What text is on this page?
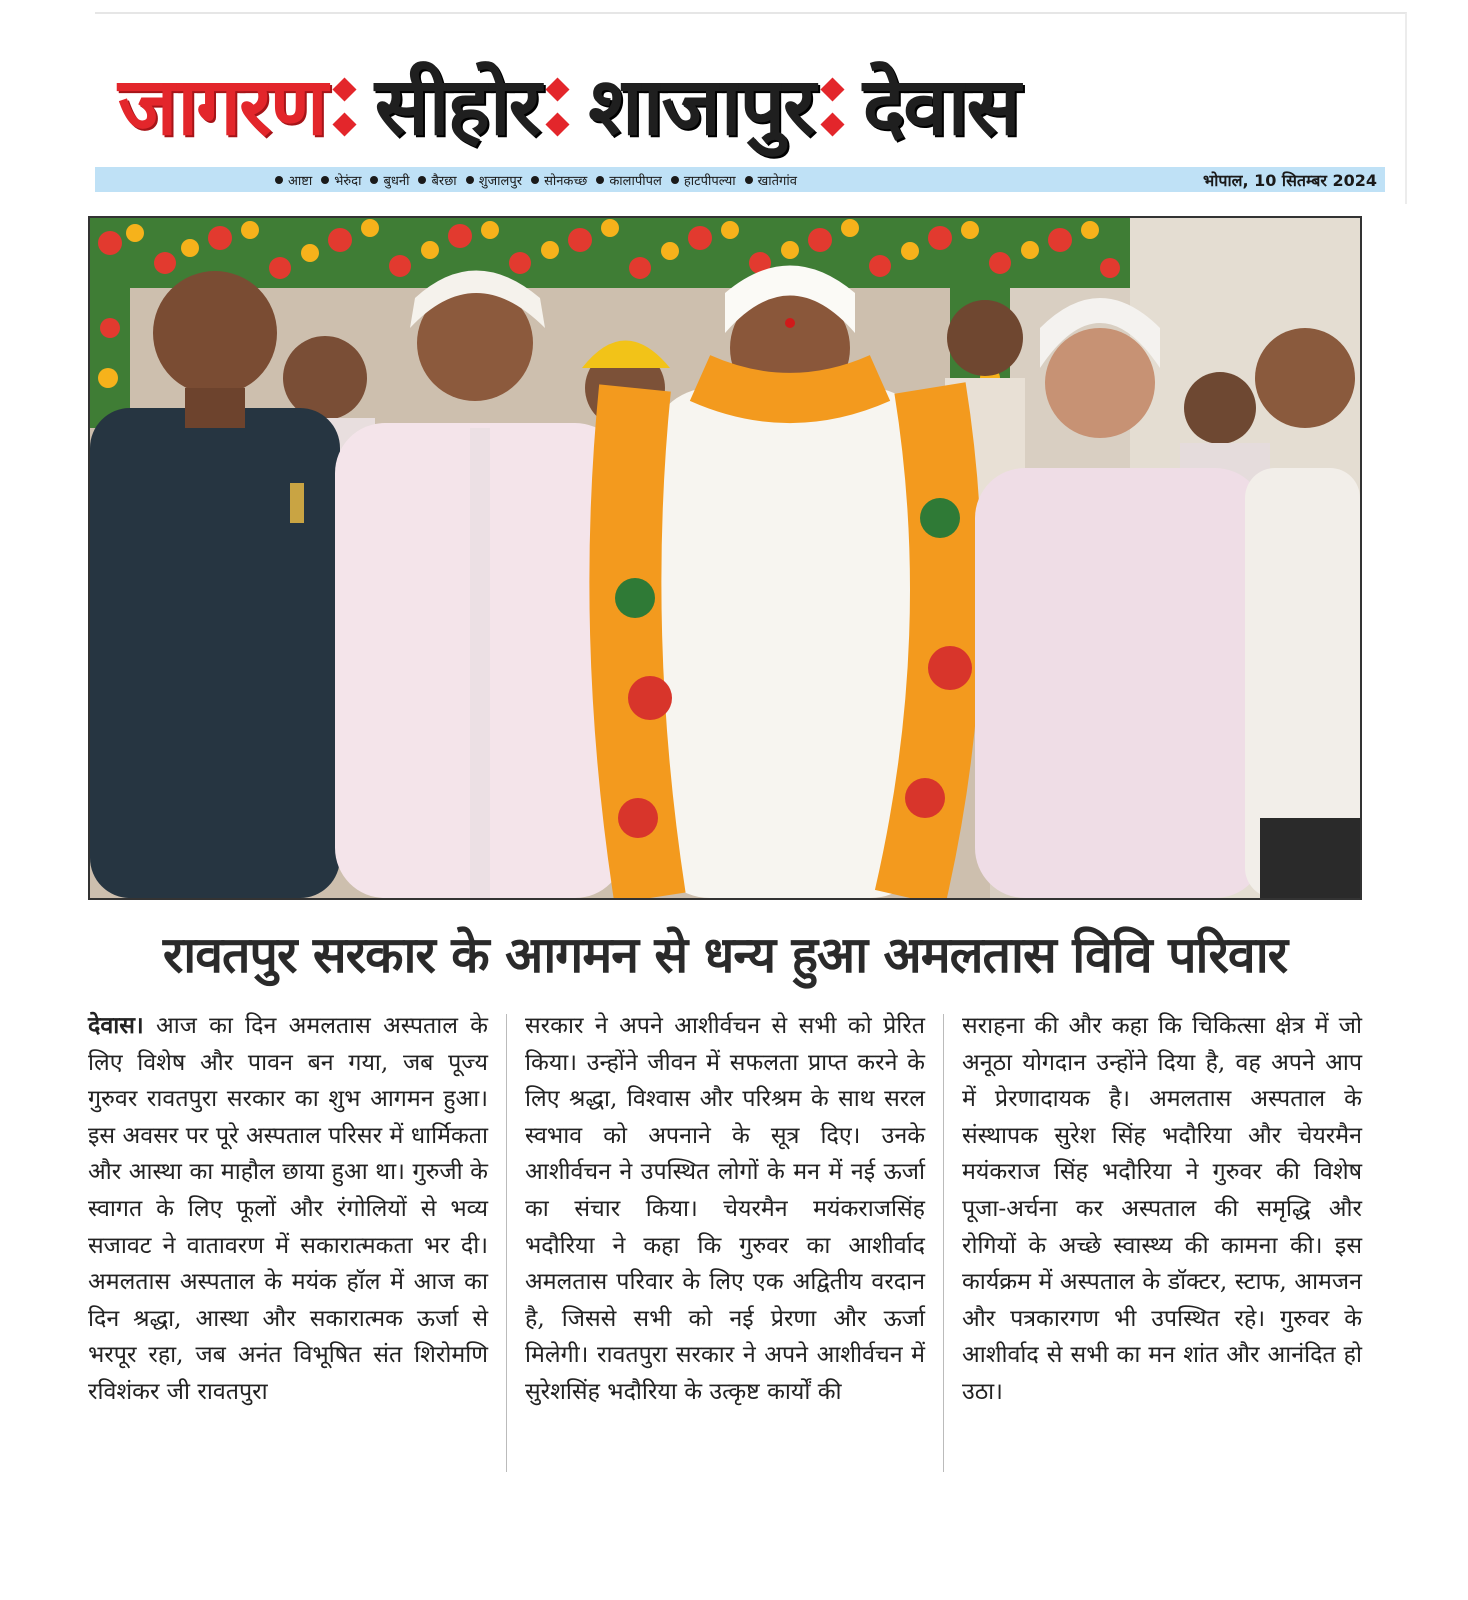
जागरण सीहोर शाजापुर देवास
आष्टा	भेरुंदा	बुधनी	बैरछा	शुजालपुर	सोनकच्छ	कालापीपल	हाटपीपल्या	खातेगांव	भोपाल, 10 सितम्बर 2024
रावतपुर सरकार के आगमन से धन्य हुआ अमलतास विवि परिवार
देवास। आज का दिन अमलतास अस्पताल के लिए विशेष और पावन बन गया, जब पूज्य गुरुवर रावतपुरा सरकार का शुभ आगमन हुआ। इस अवसर पर पूरे अस्पताल परिसर में धार्मिकता और आस्था का माहौल छाया हुआ था। गुरुजी के स्वागत के लिए फूलों और रंगोलियों से भव्य सजावट ने वातावरण में सकारात्मकता भर दी। अमलतास अस्पताल के मयंक हॉल में आज का दिन श्रद्धा, आस्था और सकारात्मक ऊर्जा से भरपूर रहा, जब अनंत विभूषित संत शिरोमणि रविशंकर जी रावतपुरा
सरकार ने अपने आशीर्वचन से सभी को प्रेरित किया। उन्होंने जीवन में सफलता प्राप्त करने के लिए श्रद्धा, विश्वास और परिश्रम के साथ सरल स्वभाव को अपनाने के सूत्र दिए। उनके आशीर्वचन ने उपस्थित लोगों के मन में नई ऊर्जा का संचार किया। चेयरमैन मयंकराजसिंह भदौरिया ने कहा कि गुरुवर का आशीर्वाद अमलतास परिवार के लिए एक अद्वितीय वरदान है, जिससे सभी को नई प्रेरणा और ऊर्जा मिलेगी। रावतपुरा सरकार ने अपने आशीर्वचन में सुरेशसिंह भदौरिया के उत्कृष्ट कार्यों की
सराहना की और कहा कि चिकित्सा क्षेत्र में जो अनूठा योगदान उन्होंने दिया है, वह अपने आप में प्रेरणादायक है। अमलतास अस्पताल के संस्थापक सुरेश सिंह भदौरिया और चेयरमैन मयंकराज सिंह भदौरिया ने गुरुवर की विशेष पूजा-अर्चना कर अस्पताल की समृद्धि और रोगियों के अच्छे स्वास्थ्य की कामना की। इस कार्यक्रम में अस्पताल के डॉक्टर, स्टाफ, आमजन और पत्रकारगण भी उपस्थित रहे। गुरुवर के आशीर्वाद से सभी का मन शांत और आनंदित हो उठा।
